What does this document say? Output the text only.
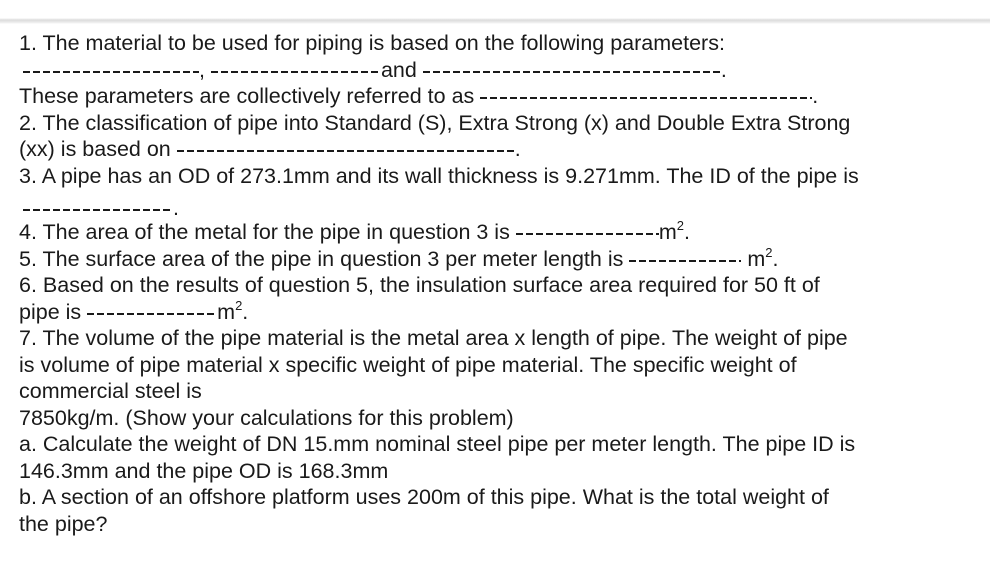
1. The material to be used for piping is based on the following parameters:
,	and	.
These parameters are collectively referred to as	.
2. The classification of pipe into Standard (S), Extra Strong (x) and Double Extra Strong
(xx) is based on	.
3. A pipe has an OD of 273.1mm and its wall thickness is 9.271mm. The ID of the pipe is
.
4. The area of the metal for the pipe in question 3 is	$m^2$.
5. The surface area of the pipe in question 3 per meter length is	$m^2$.
6. Based on the results of question 5, the insulation surface area required for 50 ft of
pipe is	$m^2$.
7. The volume of the pipe material is the metal area x length of pipe. The weight of pipe
is volume of pipe material x specific weight of pipe material. The specific weight of
commercial steel is
7850kg/m. (Show your calculations for this problem)
a. Calculate the weight of DN 15.mm nominal steel pipe per meter length. The pipe ID is
146.3mm and the pipe OD is 168.3mm
b. A section of an offshore platform uses 200m of this pipe. What is the total weight of
the pipe?
